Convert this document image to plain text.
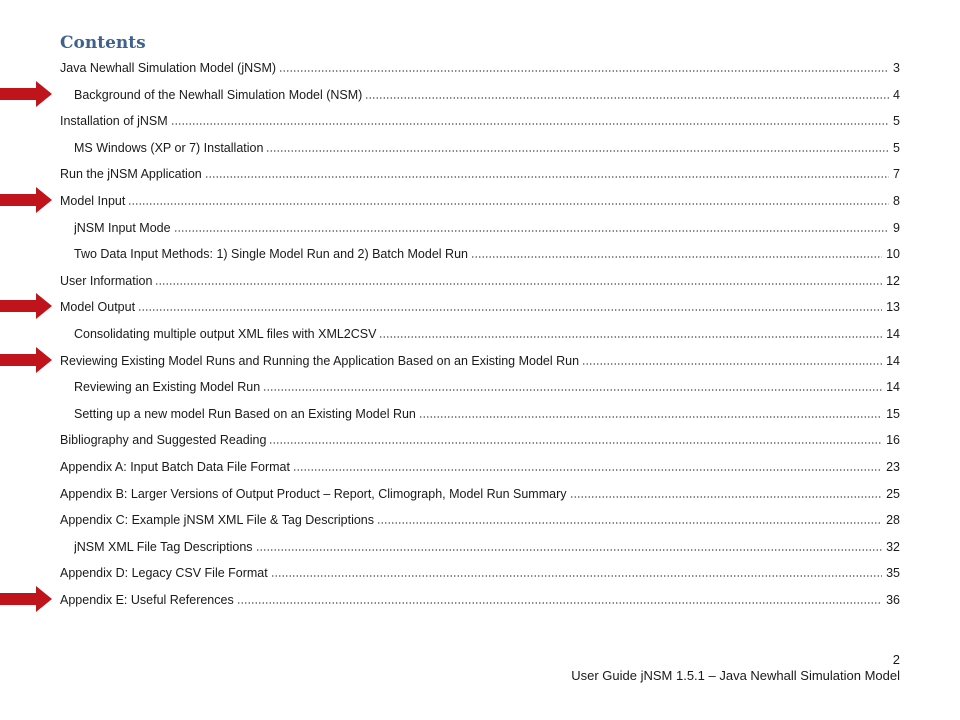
Contents
Java Newhall Simulation Model (jNSM)	3
Background of the Newhall Simulation Model (NSM)	4
Installation of jNSM	5
MS Windows (XP or 7) Installation	5
Run the jNSM Application	7
Model Input	8
jNSM Input Mode	9
Two Data Input Methods: 1) Single Model Run and 2) Batch Model Run	10
User Information	12
Model Output	13
Consolidating multiple output XML files with XML2CSV	14
Reviewing Existing Model Runs and Running the Application Based on an Existing Model Run	14
Reviewing an Existing Model Run	14
Setting up a new model Run Based on an Existing Model Run	15
Bibliography and Suggested Reading	16
Appendix A: Input Batch Data File Format	23
Appendix B: Larger Versions of Output Product – Report, Climograph, Model Run Summary	25
Appendix C: Example jNSM XML File & Tag Descriptions	28
jNSM XML File Tag Descriptions	32
Appendix D: Legacy CSV File Format	35
Appendix E: Useful References	36
2
User Guide jNSM 1.5.1 – Java Newhall Simulation Model
